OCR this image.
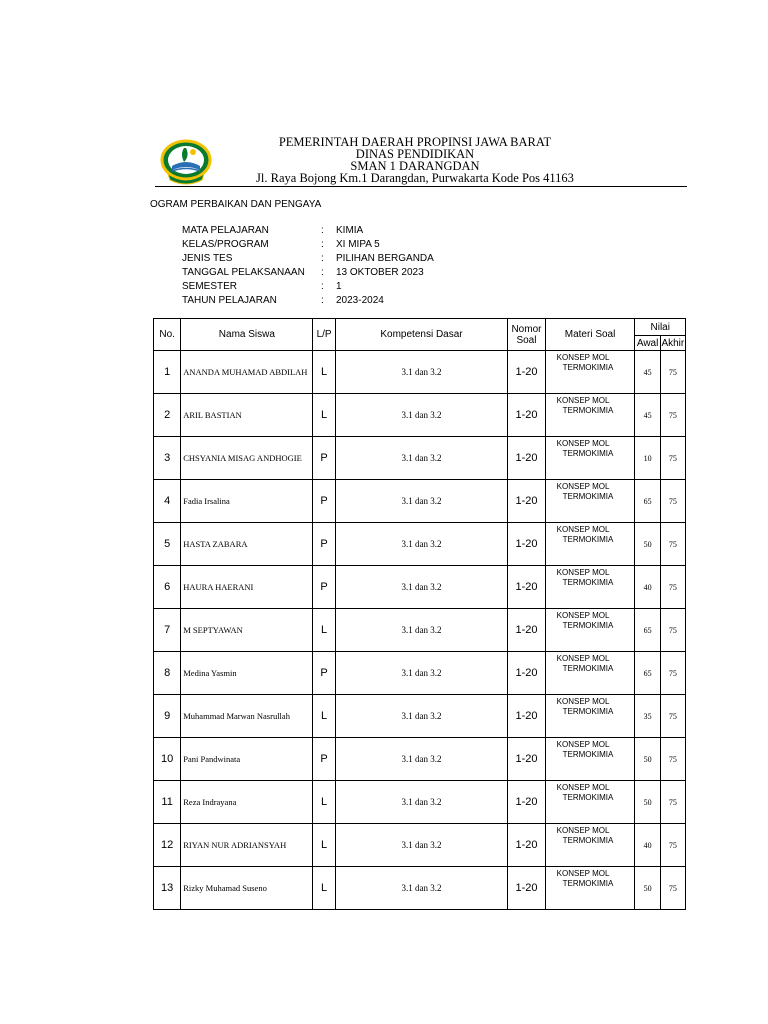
PEMERINTAH DAERAH PROPINSI JAWA BARAT
DINAS PENDIDIKAN
SMAN 1 DARANGDAN
Jl. Raya Bojong Km.1 Darangdan, Purwakarta Kode Pos 41163
OGRAM PERBAIKAN DAN PENGAYA
MATA PELAJARAN	: KIMIA
KELAS/PROGRAM	: XI MIPA 5
JENIS TES	: PILIHAN BERGANDA
TANGGAL PELAKSANAAN : 13 OKTOBER 2023
SEMESTER	: 1
TAHUN PELAJARAN	: 2023-2024
No.	Nama Siswa	L/P	Kompetensi Dasar	Nomor
Soal	Materi Soal	Nilai	
						Awal	Akhir
1	ANANDA MUHAMAD ABDILAH	L	3.1 dan 3.2	1-20	KONSEP MOL
TERMOKIMIA	45	75
2	ARIL BASTIAN	L	3.1 dan 3.2	1-20	KONSEP MOL
TERMOKIMIA	45	75
3	CHSYANIA MISAG ANDHOGIE	P	3.1 dan 3.2	1-20	KONSEP MOL
TERMOKIMIA	10	75
4	Fadia Irsalina	P	3.1 dan 3.2	1-20	KONSEP MOL
TERMOKIMIA	65	75
5	HASTA ZABARA	P	3.1 dan 3.2	1-20	KONSEP MOL
TERMOKIMIA	50	75
6	HAURA HAERANI	P	3.1 dan 3.2	1-20	KONSEP MOL
TERMOKIMIA	40	75
7	M SEPTYAWAN	L	3.1 dan 3.2	1-20	KONSEP MOL
TERMOKIMIA	65	75
8	Medina Yasmin	P	3.1 dan 3.2	1-20	KONSEP MOL
TERMOKIMIA	65	75
9	Muhammad Marwan Nasrullah	L	3.1 dan 3.2	1-20	KONSEP MOL
TERMOKIMIA	35	75
10	Pani Pandwinata	P	3.1 dan 3.2	1-20	KONSEP MOL
TERMOKIMIA	50	75
11	Reza Indrayana	L	3.1 dan 3.2	1-20	KONSEP MOL
TERMOKIMIA	50	75
12	RIYAN NUR ADRIANSYAH	L	3.1 dan 3.2	1-20	KONSEP MOL
TERMOKIMIA	40	75
13	Rizky Muhamad Suseno	L	3.1 dan 3.2	1-20	KONSEP MOL
TERMOKIMIA	50	75
